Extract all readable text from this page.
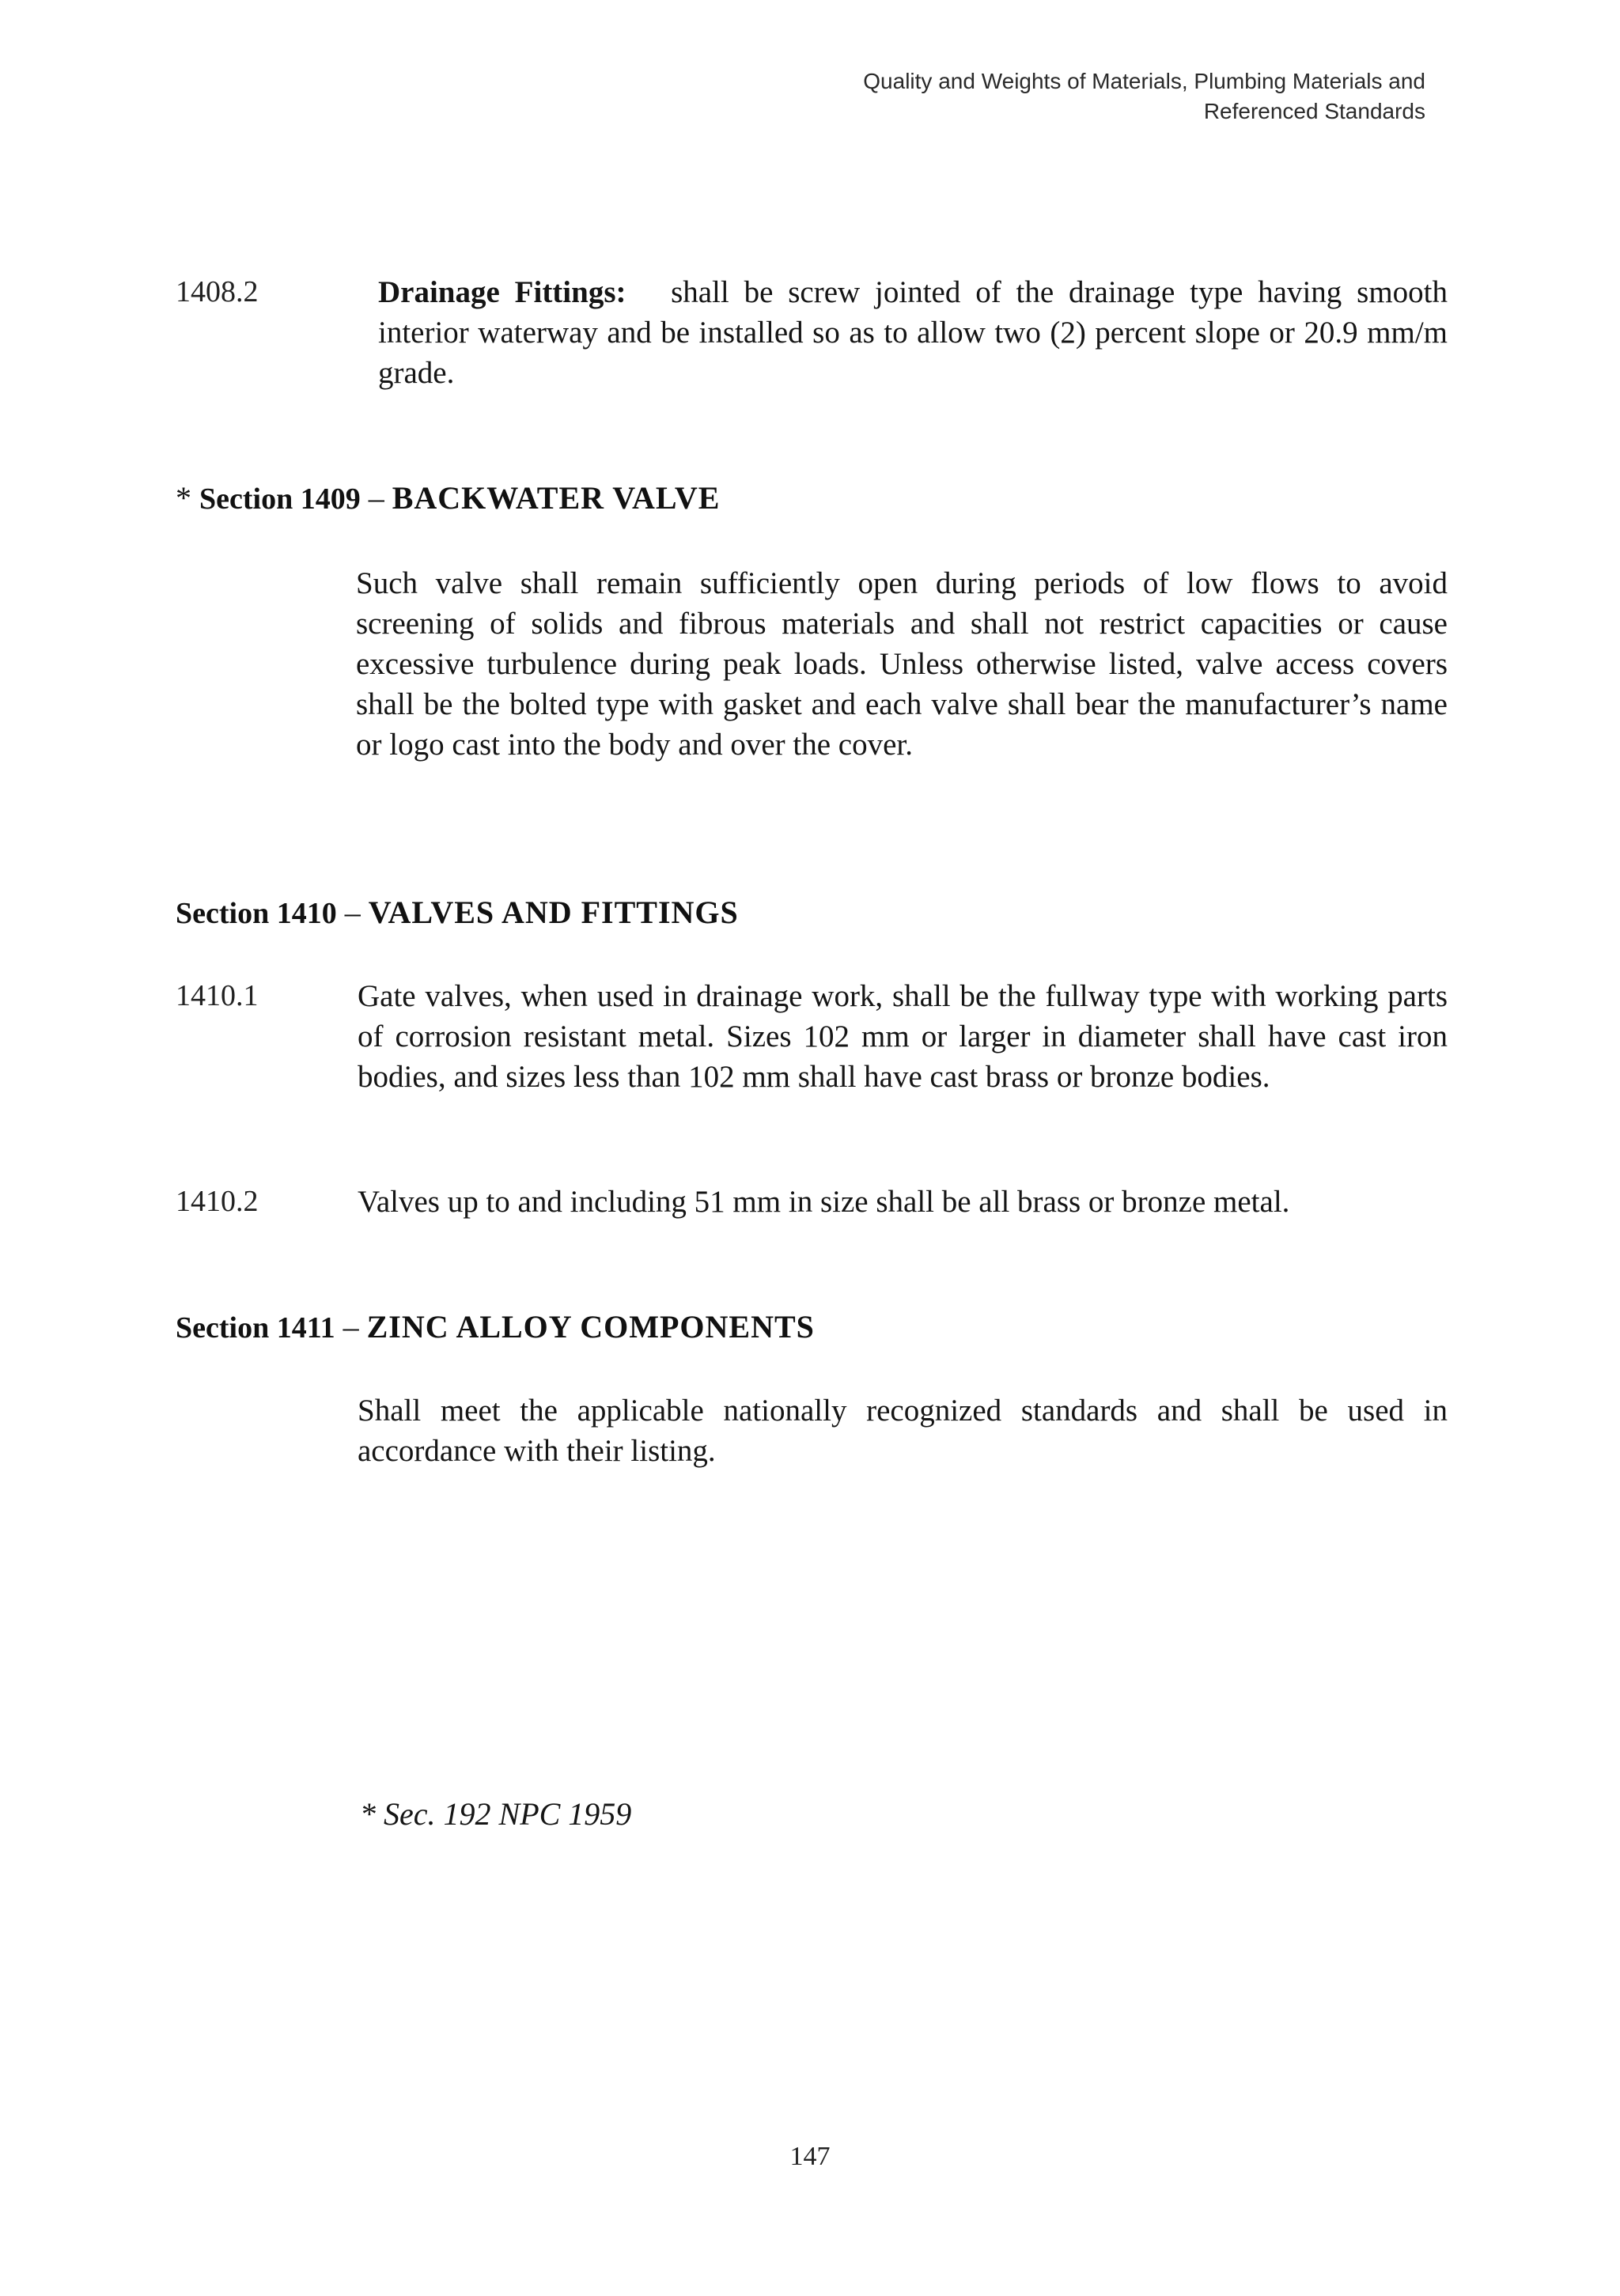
Quality and Weights of Materials, Plumbing Materials and
Referenced Standards
1408.2	Drainage Fittings: shall be screw jointed of the drainage type having smooth interior waterway and be installed so as to allow two (2) percent slope or 20.9 mm/m grade.
* Section 1409 – BACKWATER VALVE
Such valve shall remain sufficiently open during periods of low flows to avoid screening of solids and fibrous materials and shall not restrict capacities or cause excessive turbulence during peak loads. Unless otherwise listed, valve access covers shall be the bolted type with gasket and each valve shall bear the manufacturer’s name or logo cast into the body and over the cover.
Section 1410 – VALVES AND FITTINGS
1410.1	Gate valves, when used in drainage work, shall be the fullway type with working parts of corrosion resistant metal. Sizes 102 mm or larger in diameter shall have cast iron bodies, and sizes less than 102 mm shall have cast brass or bronze bodies.
1410.2	Valves up to and including 51 mm in size shall be all brass or bronze metal.
Section 1411 – ZINC ALLOY COMPONENTS
Shall meet the applicable nationally recognized standards and shall be used in accordance with their listing.
* Sec. 192 NPC 1959
147
